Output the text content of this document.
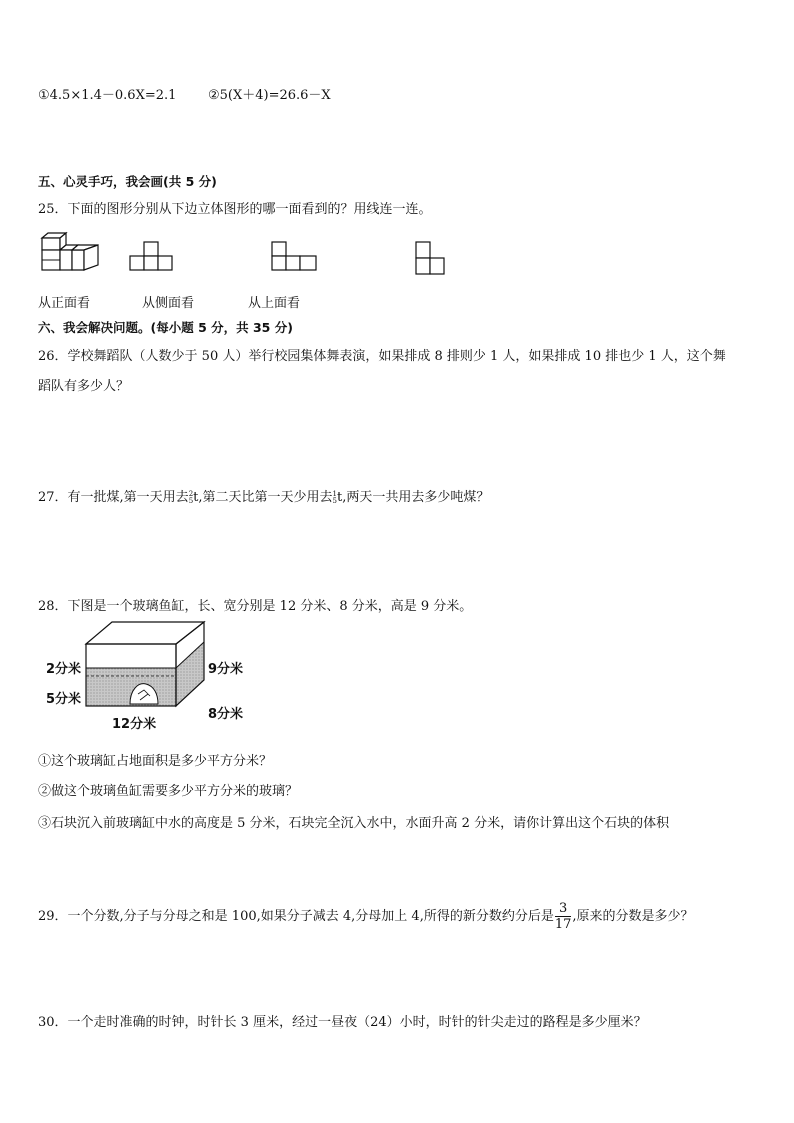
①4.5×1.4－0.6X=2.1 ②5(X＋4)=26.6－X
五、心灵手巧，我会画(共 5 分)
25．下面的图形分别从下边立体图形的哪一面看到的？用线连一连。
从正面看	从侧面看	从上面看
六、我会解决问题。(每小题 5 分，共 35 分)
26．学校舞蹈队（人数少于 50 人）举行校园集体舞表演，如果排成 8 排则少 1 人，如果排成 10 排也少 1 人，这个舞
蹈队有多少人？
27．有一批煤,第一天用去 2
5 t,第二天比第一天少用去 1
5 t,两天一共用去多少吨煤？
28．下图是一个玻璃鱼缸，长、宽分别是 12 分米、8 分米，高是 9 分米。
2分米
5分米
9分米
8分米
12分米
①这个玻璃缸占地面积是多少平方分米？
②做这个玻璃鱼缸需要多少平方分米的玻璃？
③石块沉入前玻璃缸中水的高度是 5 分米，石块完全沉入水中，水面升高 2 分米，请你计算出这个石块的体积
29．一个分数,分子与分母之和是 100,如果分子减去 4,分母加上 4,所得的新分数约分后是 $\frac{3}{17}$ ,原来的分数是多少？
30．一个走时准确的时钟，时针长 3 厘米，经过一昼夜（24）小时，时针的针尖走过的路程是多少厘米？
